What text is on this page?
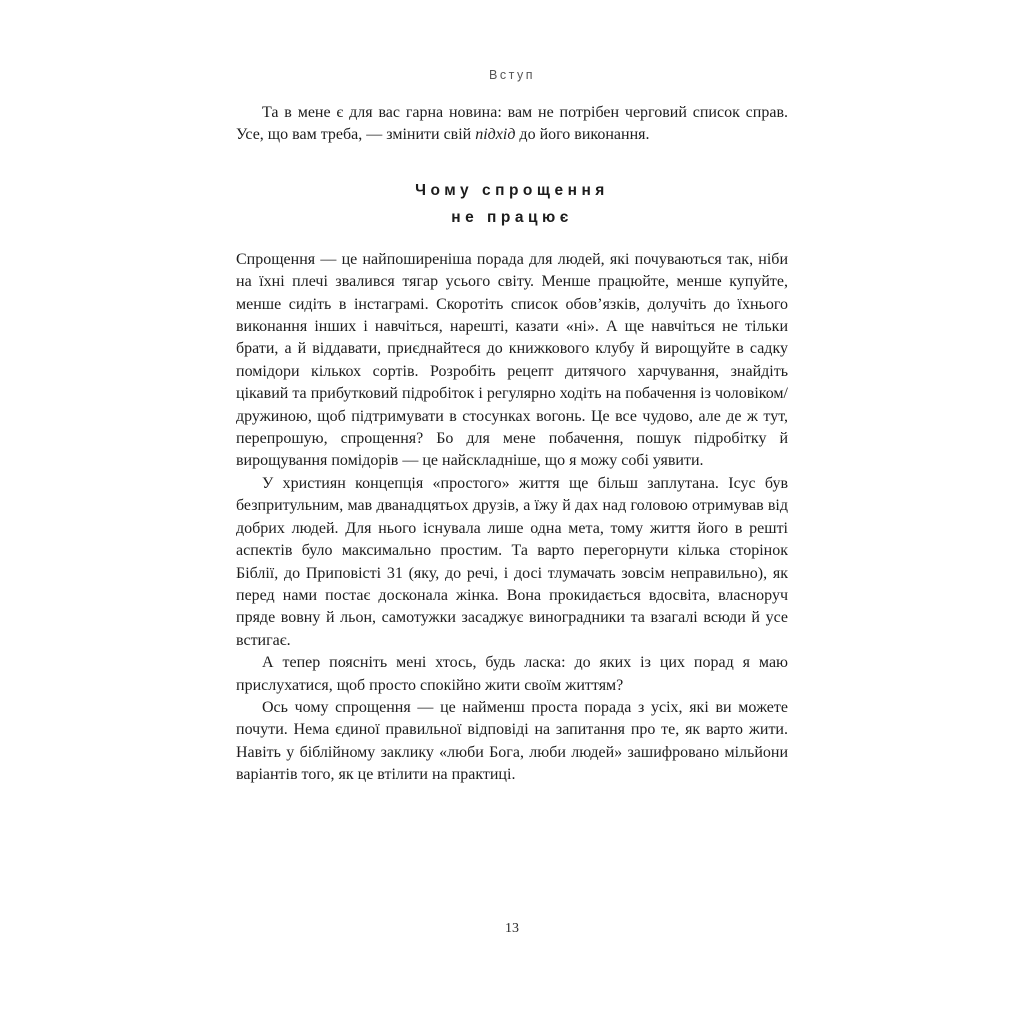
Вступ

Та в мене є для вас гарна новина: вам не потрібен черговий список справ. Усе, що вам треба, — змінити свій підхід до його виконання.

Чому спрощення
не працює

Спрощення — це найпоширеніша порада для людей, які почуваються так, ніби на їхні плечі звалився тягар усього світу. Менше працюйте, менше купуйте, менше сидіть в інстаграмі. Скоротіть список обов’язків, долучіть до їхнього виконання інших і навчіться, нарешті, казати «ні». А ще навчіться не тільки брати, а й віддавати, приєднайтеся до книжкового клубу й вирощуйте в садку помідори кількох сортів. Розробіть рецепт дитячого харчування, знайдіть цікавий та прибутковий підробіток і регулярно ходіть на побачення із чоловіком/дружиною, щоб підтримувати в стосунках вогонь. Це все чудово, але де ж тут, перепрошую, спрощення? Бо для мене побачення, пошук підробітку й вирощування помідорів — це найскладніше, що я можу собі уявити.

У християн концепція «простого» життя ще більш заплутана. Ісус був безпритульним, мав дванадцятьох друзів, а їжу й дах над головою отримував від добрих людей. Для нього існувала лише одна мета, тому життя його в решті аспектів було максимально простим. Та варто перегорнути кілька сторінок Біблії, до Приповісті 31 (яку, до речі, і досі тлумачать зовсім неправильно), як перед нами постає досконала жінка. Вона прокидається вдосвіта, власноруч пряде вовну й льон, самотужки засаджує виноградники та взагалі всюди й усе встигає.

А тепер поясніть мені хтось, будь ласка: до яких із цих порад я маю прислухатися, щоб просто спокійно жити своїм життям?

Ось чому спрощення — це найменш проста порада з усіх, які ви можете почути. Нема єдиної правильної відповіді на запитання про те, як варто жити. Навіть у біблійному заклику «люби Бога, люби людей» зашифровано мільйони варіантів того, як це втілити на практиці.

13
